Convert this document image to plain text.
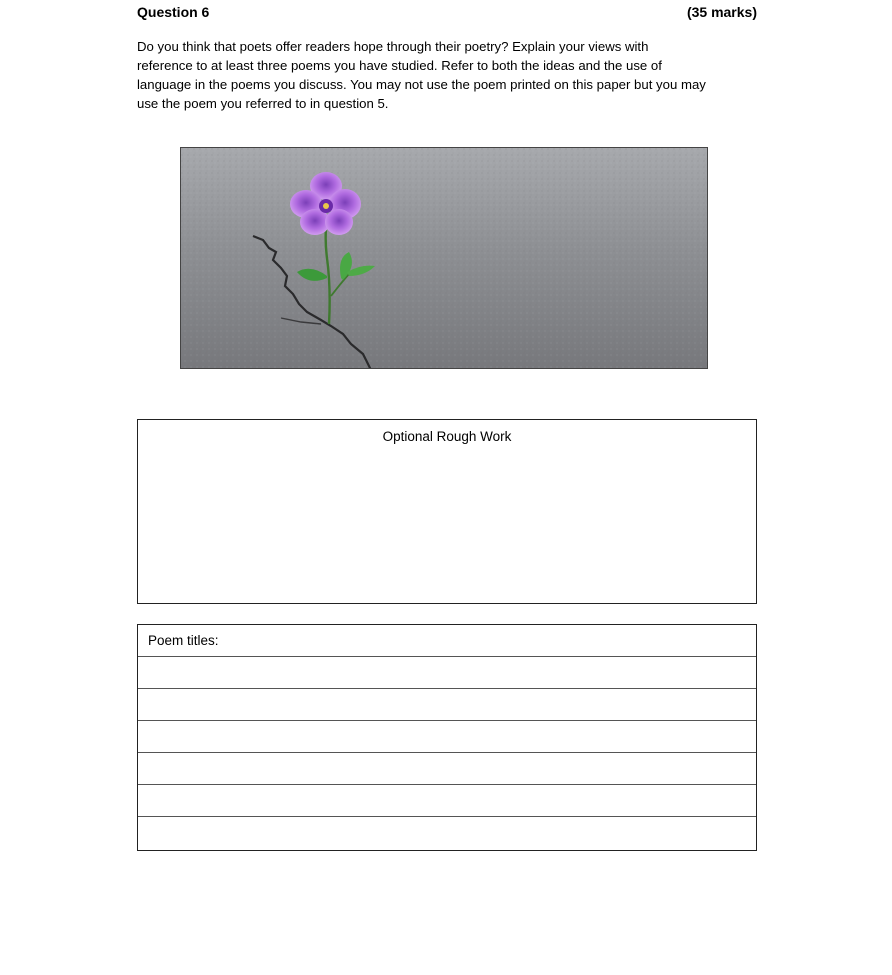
Question 6	(35 marks)
Do you think that poets offer readers hope through their poetry? Explain your views with
reference to at least three poems you have studied. Refer to both the ideas and the use of
language in the poems you discuss. You may not use the poem printed on this paper but you may
use the poem you referred to in question 5.
Optional Rough Work
Poem titles:
